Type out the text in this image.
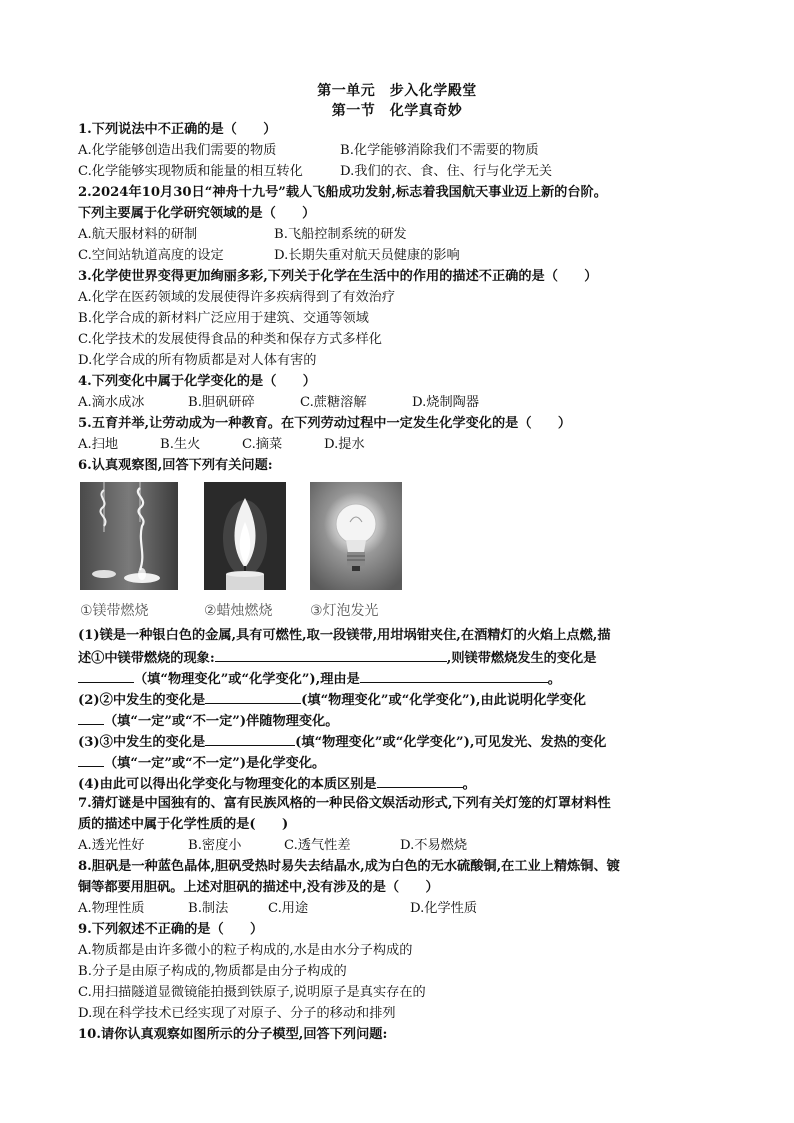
第一单元　步入化学殿堂
第一节　化学真奇妙
1.下列说法中不正确的是（　　）
A.化学能够创造出我们需要的物质	B.化学能够消除我们不需要的物质
C.化学能够实现物质和能量的相互转化	D.我们的衣、食、住、行与化学无关
2.2024年10月30日“神舟十九号”载人飞船成功发射,标志着我国航天事业迈上新的台阶。
下列主要属于化学研究领域的是（　　）
A.航天服材料的研制	B.飞船控制系统的研发
C.空间站轨道高度的设定	D.长期失重对航天员健康的影响
3.化学使世界变得更加绚丽多彩,下列关于化学在生活中的作用的描述不正确的是（　　）
A.化学在医药领域的发展使得许多疾病得到了有效治疗
B.化学合成的新材料广泛应用于建筑、交通等领域
C.化学技术的发展使得食品的种类和保存方式多样化
D.化学合成的所有物质都是对人体有害的
4.下列变化中属于化学变化的是（　　）
A.滴水成冰	B.胆矾研碎	C.蔗糖溶解	D.烧制陶器
5.五育并举,让劳动成为一种教育。在下列劳动过程中一定发生化学变化的是（　　）
A.扫地	B.生火	C.摘菜	D.提水
6.认真观察图,回答下列有关问题:
①镁带燃烧	②蜡烛燃烧	③灯泡发光
(1)镁是一种银白色的金属,具有可燃性,取一段镁带,用坩埚钳夹住,在酒精灯的火焰上点燃,描
述①中镁带燃烧的现象:	,则镁带燃烧发生的变化是
（填“物理变化”或“化学变化”),理由是	。
(2)②中发生的变化是	(填“物理变化”或“化学变化”),由此说明化学变化
（填“一定”或“不一定”)伴随物理变化。
(3)③中发生的变化是	(填“物理变化”或“化学变化”),可见发光、发热的变化
（填“一定”或“不一定”)是化学变化。
(4)由此可以得出化学变化与物理变化的本质区别是	。
7.猜灯谜是中国独有的、富有民族风格的一种民俗文娱活动形式,下列有关灯笼的灯罩材料性
质的描述中属于化学性质的是(　　)
A.透光性好	B.密度小	C.透气性差	D.不易燃烧
8.胆矾是一种蓝色晶体,胆矾受热时易失去结晶水,成为白色的无水硫酸铜,在工业上精炼铜、镀
铜等都要用胆矾。上述对胆矾的描述中,没有涉及的是（　　）
A.物理性质	B.制法	C.用途	D.化学性质
9.下列叙述不正确的是（　　）
A.物质都是由许多微小的粒子构成的,水是由水分子构成的
B.分子是由原子构成的,物质都是由分子构成的
C.用扫描隧道显微镜能拍摄到铁原子,说明原子是真实存在的
D.现在科学技术已经实现了对原子、分子的移动和排列
10.请你认真观察如图所示的分子模型,回答下列问题:
